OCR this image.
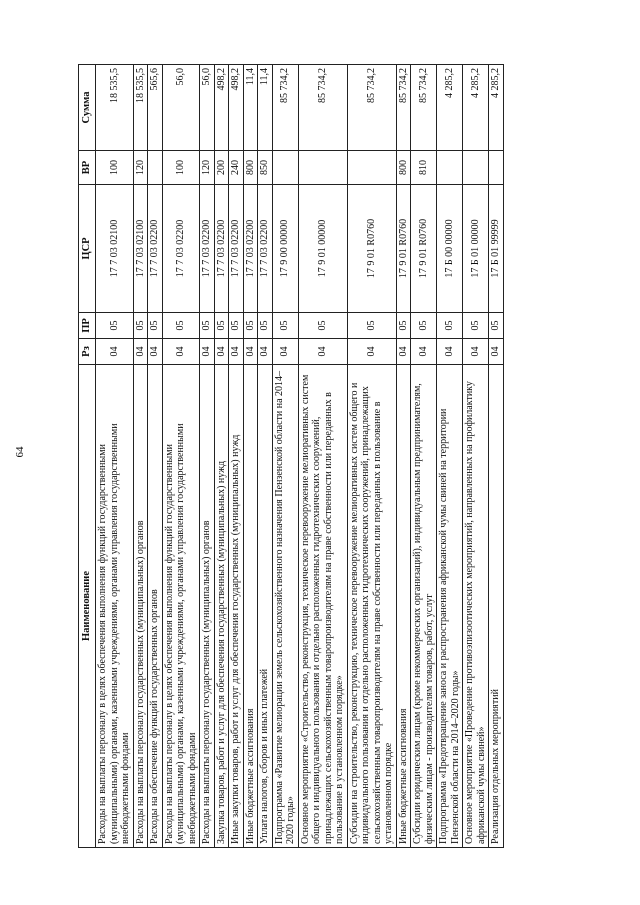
64
Наименование	Рз	ПР	ЦСР	ВР	Сумма
Расходы на выплаты персоналу в целях обеспечения выполнения функций государственными (муниципальными) органами, казенными учреждениями, органами управления государственными внебюджетными фондами	04	05	17 7 03 02100	100	18 535,5
Расходы на выплаты персоналу государственных (муниципальных) органов	04	05	17 7 03 02100	120	18 535,5
Расходы на обеспечение функций государственных органов	04	05	17 7 03 02200		565,6
Расходы на выплаты персоналу в целях обеспечения выполнения функций государственными (муниципальными) органами, казенными учреждениями, органами управления государственными внебюджетными фондами	04	05	17 7 03 02200	100	56,0
Расходы на выплаты персоналу государственных (муниципальных) органов	04	05	17 7 03 02200	120	56,0
Закупка товаров, работ и услуг для обеспечения государственных (муниципальных) нужд	04	05	17 7 03 02200	200	498,2
Иные закупки товаров, работ и услуг для обеспечения государственных (муниципальных) нужд	04	05	17 7 03 02200	240	498,2
Иные бюджетные ассигнования	04	05	17 7 03 02200	800	11,4
Уплата налогов, сборов и иных платежей	04	05	17 7 03 02200	850	11,4
Подпрограмма «Развитие мелиорации земель сельскохозяйственного назначения Пензенской области на 2014–2020 годы»	04	05	17 9 00 00000		85 734,2
Основное мероприятие «Строительство, реконструкция, техническое перевооружение мелиоративных систем общего и индивидуального пользования и отдельно расположенных гидротехнических сооружений, принадлежащих сельскохозяйственным товаропроизводителям на праве собственности или переданных в пользование в установленном порядке»	04	05	17 9 01 00000		85 734,2
Субсидии на строительство, реконструкцию, техническое перевооружение мелиоративных систем общего и индивидуального пользования и отдельно расположенных гидротехнических сооружений, принадлежащих сельскохозяйственным товаропроизводителям на праве собственности или переданных в пользование в установленном порядке	04	05	17 9 01 R0760		85 734,2
Иные бюджетные ассигнования	04	05	17 9 01 R0760	800	85 734,2
Субсидии юридическим лицам (кроме некоммерческих организаций), индивидуальным предпринимателям, физическим лицам - производителям товаров, работ, услуг	04	05	17 9 01 R0760	810	85 734,2
Подпрограмма «Предотвращение заноса и распространения африканской чумы свиней на территории Пензенской области на 2014–2020 годы»	04	05	17 Б 00 00000		4 285,2
Основное мероприятие «Проведение противоэпизоотических мероприятий, направленных на профилактику африканской чумы свиней»	04	05	17 Б 01 00000		4 285,2
Реализация отдельных мероприятий	04	05	17 Б 01 99999		4 285,2
